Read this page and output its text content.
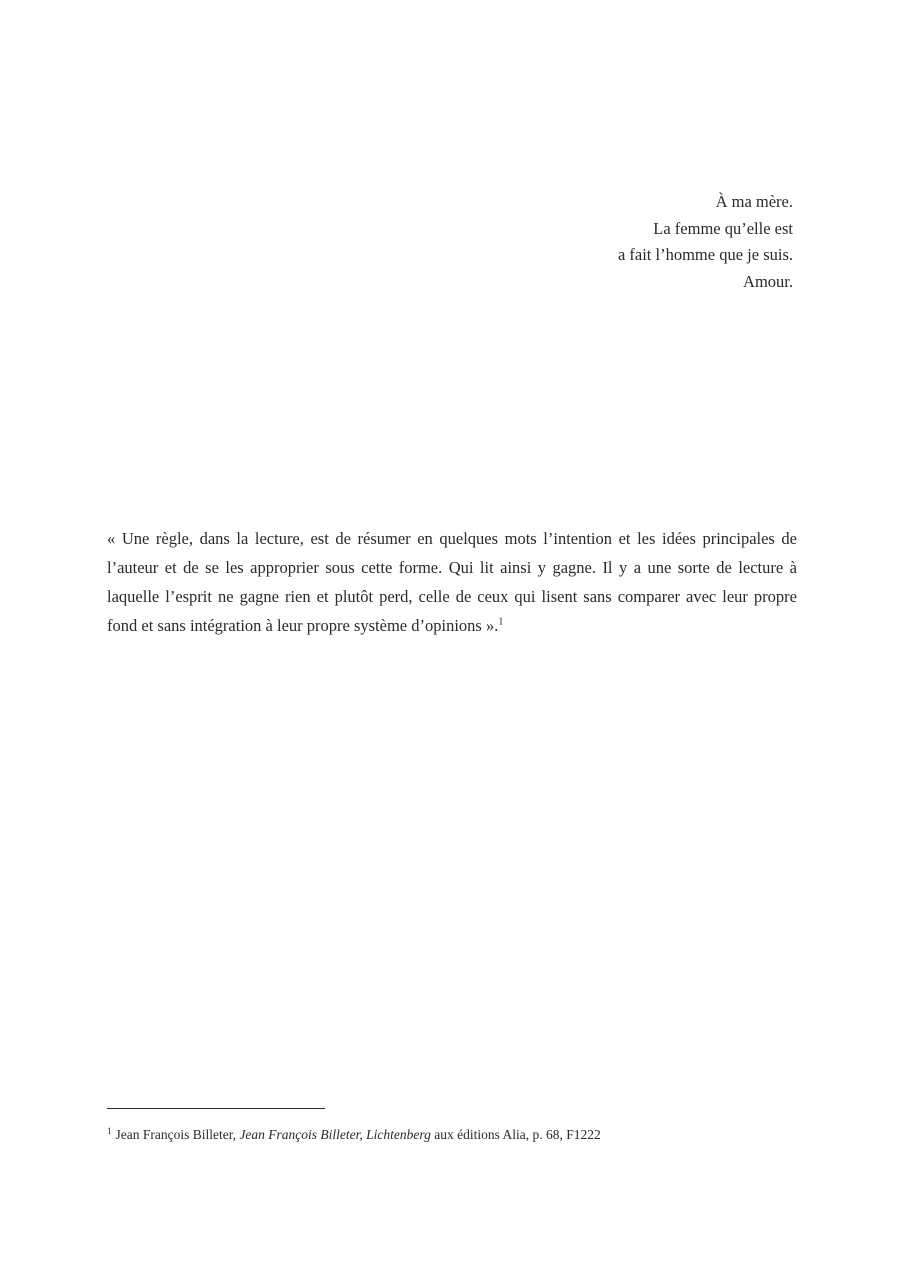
À ma mère.
La femme qu’elle est
a fait l’homme que je suis.
Amour.
« Une règle, dans la lecture, est de résumer en quelques mots l’intention et les idées principales de l’auteur et de se les approprier sous cette forme. Qui lit ainsi y gagne. Il y a une sorte de lecture à laquelle l’esprit ne gagne rien et plutôt perd, celle de ceux qui lisent sans comparer avec leur propre fond et sans intégration à leur propre système d’opinions ».$^1$
$^1$ Jean François Billeter, Jean François Billeter, Lichtenberg aux éditions Alia, p. 68, F1222
